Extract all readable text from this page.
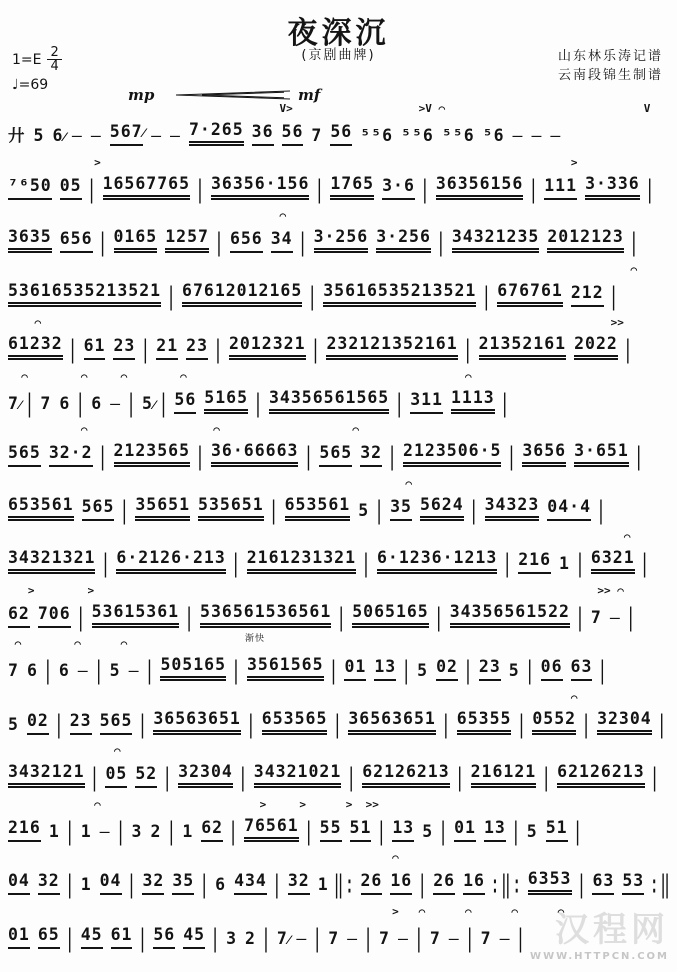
夜深沉
(京剧曲牌)
$1=E \frac{2}{4}$
♩=69
山东林乐涛记谱
云南段锦生制谱
mp	mf
V>                   >V ⌒                              V
廾 5 6⁄⁄⁄ – – 567⁄⁄⁄ – – 7·265 36 56 7 56 ⁵⁵6 ⁵⁵6 ⁵⁵6 ⁵6 – – –
>                                                                       >
⁷⁶50 05 | 16567765 | 36356·156 | 1765 3·6 | 36356156 | 111 3·336 |
⌒
3635 656 | 0165 1257 | 656 34 | 3·256 3·256 | 34321235 2012123 |
⌒
53616535213521 | 67612012165 | 35616535213521 | 676761 212 |
⌒                                                                                      >>
61232 | 61 23 | 21 23 | 2012321 | 232121352161 | 21352161 2022 |
⌒        ⌒     ⌒        ⌒                                          ⌒
7⁄⁄⁄ | 7 6 | 6 – | 5⁄⁄⁄ | 56 5165 | 34356561565 | 311 1113 |
⌒                   ⌒                    ⌒
565 32·2 | 2123565 | 36·66663 | 565 32 | 2123506·5 | 3656 3·651 |
⌒
653561 565 | 35651 535651 | 653561 5 | 35 5624 | 34323 04·4 |
⌒
34321321 | 6·2126·213 | 2161231321 | 6·1236·1213 | 216 1 | 6321 |
>        >                                                                            >> ⌒
62 706 | 53615361 | 536561536561 | 5065165 | 34356561522 | 7 – |
渐快
⌒        ⌒      ⌒
7 6 | 6 – | 5 – | 505165 | 3561565 | 01 13 | 5 02 | 23 5 | 06 63 |
⌒
5 02 | 23 565 | 36563651 | 653565 | 36563651 | 65355 | 0552 | 32304 |
⌒
3432121 | 05 52 | 32304 | 34321021 | 62126213 | 216121 | 62126213 |
⌒                        >     >      >  >>
216 1 | 1 – | 3 2 | 1 62 | 76561 | 55 51 | 13 5 | 01 13 | 5 51 |
⌒
04 32 | 1 04 | 32 35 | 6 434 | 32 1 ‖: 26 16 | 26 16 :‖: 6353 | 63 53 :‖
>   ⌒      ⌒      ⌒      ⌒
01 65 | 45 61 | 56 45 | 3 2 | 7⁄⁄⁄ – | 7 – | 7 – | 7 – | 7 – | 汉程网
WWW.HTTPCN.COM
